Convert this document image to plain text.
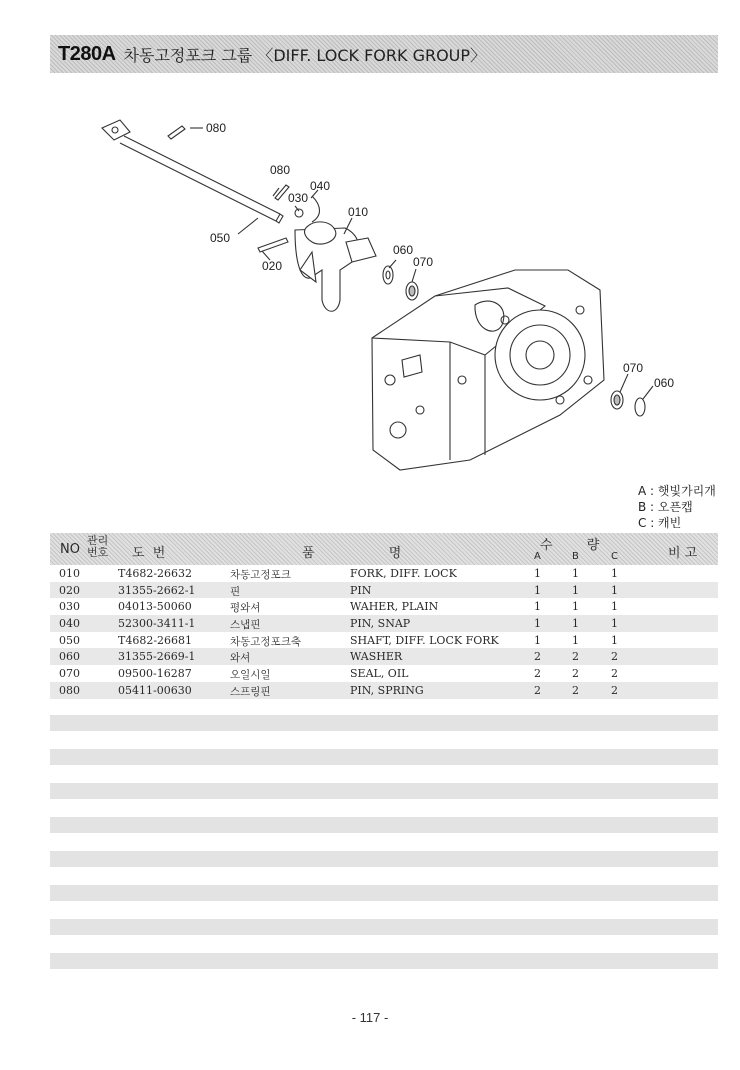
T280A 차동고정포크 그룹 〈DIFF. LOCK FORK GROUP〉
080
080
040
030
010
050
020
060
070
070
060
A : 햇빛가리개
B : 오픈캡
C : 캐빈
NO
관리번호	도 번	품 명
수 량
A	B	C	비 고
010	T4682-26632	차동고정포크	FORK, DIFF. LOCK	1	1	1
020	31355-2662-1	핀	PIN	1	1	1
030	04013-50060	평와셔	WAHER, PLAIN	1	1	1
040	52300-3411-1	스냅핀	PIN, SNAP	1	1	1
050	T4682-26681	차동고정포크축	SHAFT, DIFF. LOCK FORK	1	1	1
060	31355-2669-1	와셔	WASHER	2	2	2
070	09500-16287	오일시일	SEAL, OIL	2	2	2
080	05411-00630	스프링핀	PIN, SPRING	2	2	2
- 117 -
